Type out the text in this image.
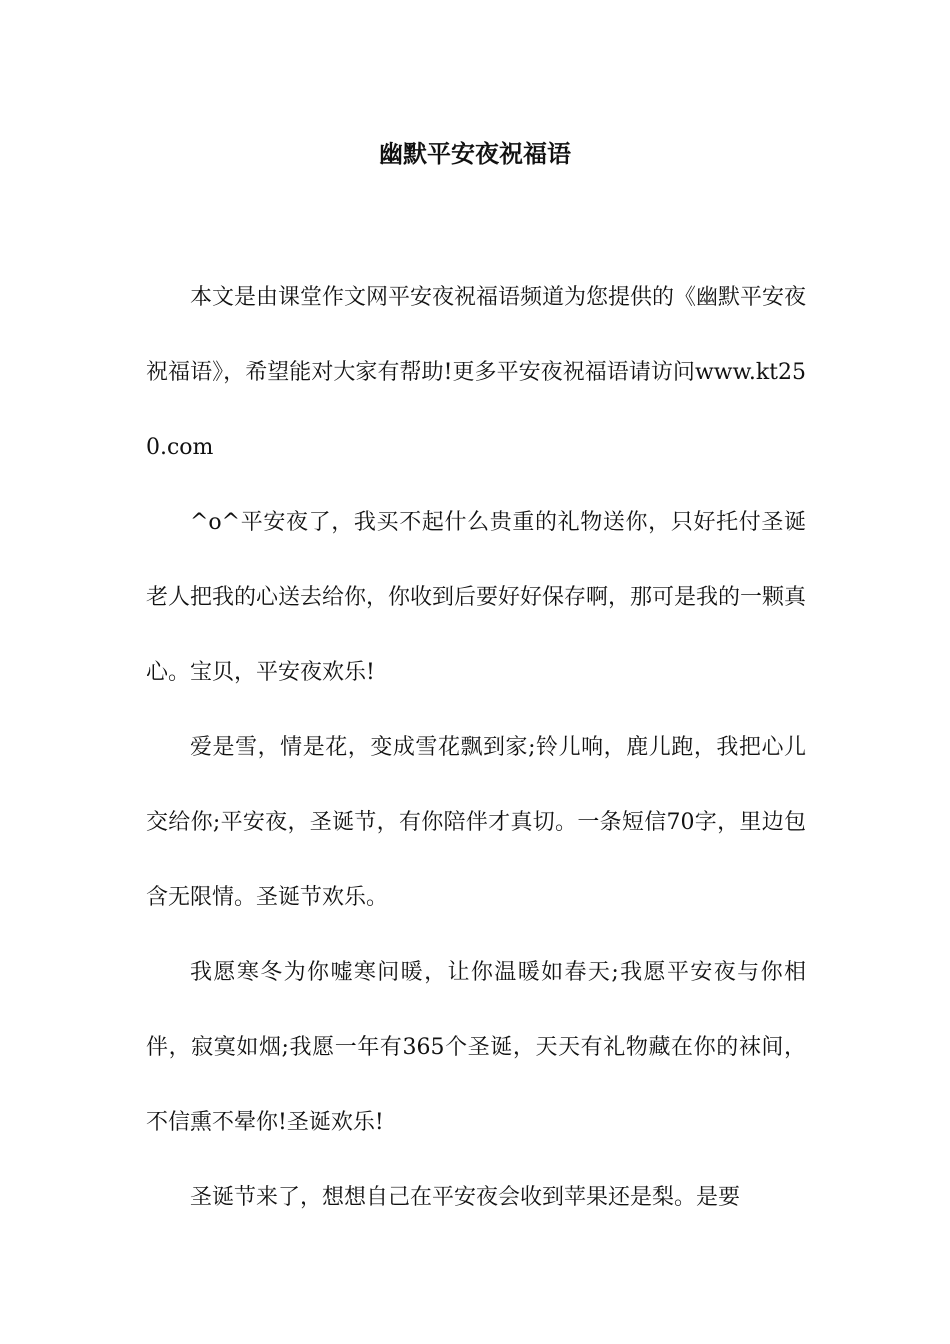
幽默平安夜祝福语

本文是由课堂作文网平安夜祝福语频道为您提供的《幽默平安夜祝福语》，希望能对大家有帮助!更多平安夜祝福语请访问www.kt250.com

^o^平安夜了，我买不起什么贵重的礼物送你，只好托付圣诞老人把我的心送去给你，你收到后要好好保存啊，那可是我的一颗真心。宝贝，平安夜欢乐!

爱是雪，情是花，变成雪花飘到家;铃儿响，鹿儿跑，我把心儿交给你;平安夜，圣诞节，有你陪伴才真切。一条短信70字，里边包含无限情。圣诞节欢乐。

我愿寒冬为你嘘寒问暖，让你温暖如春天;我愿平安夜与你相伴，寂寞如烟;我愿一年有365个圣诞，天天有礼物藏在你的袜间，不信熏不晕你!圣诞欢乐!

圣诞节来了，想想自己在平安夜会收到苹果还是梨。是要
